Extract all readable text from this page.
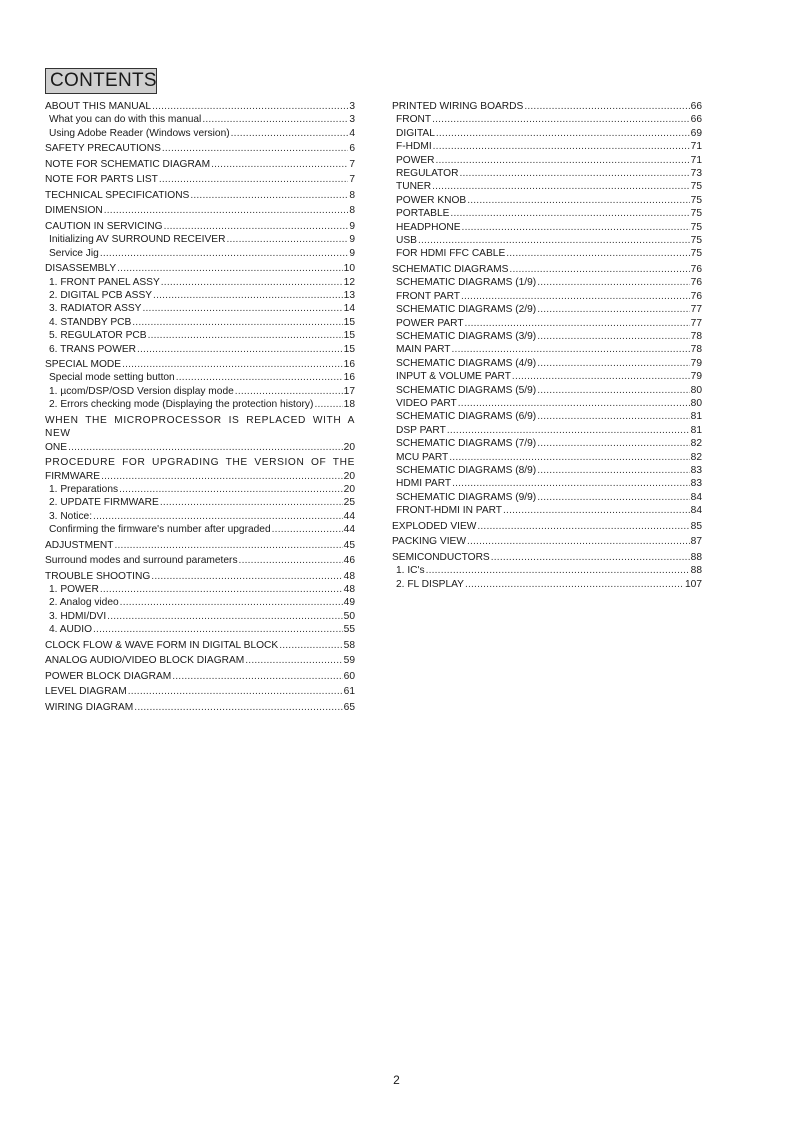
CONTENTS
ABOUT THIS MANUAL .....	3
What you can do with this manual .....	3
Using Adobe Reader (Windows version) .....	4
SAFETY PRECAUTIONS .....	6
NOTE FOR SCHEMATIC DIAGRAM .....	7
NOTE FOR PARTS LIST .....	7
TECHNICAL SPECIFICATIONS .....	8
DIMENSION .....	8
CAUTION IN SERVICING .....	9
Initializing AV SURROUND RECEIVER .....	9
Service Jig .....	9
DISASSEMBLY .....	10
1. FRONT PANEL ASSY .....	12
2. DIGITAL PCB ASSY .....	13
3. RADIATOR ASSY .....	14
4. STANDBY PCB .....	15
5. REGULATOR PCB .....	15
6. TRANS POWER .....	15
SPECIAL MODE .....	16
Special mode setting button .....	16
1. µcom/DSP/OSD Version display mode .....	17
2. Errors checking mode (Displaying the protection history) .....	18
WHEN THE MICROPROCESSOR IS REPLACED WITH A NEW
ONE .....	20
PROCEDURE FOR UPGRADING THE VERSION OF THE
FIRMWARE .....	20
1. Preparations .....	20
2. UPDATE FIRMWARE .....	25
3. Notice: .....	44
Confirming the firmware's number after upgraded .....	44
ADJUSTMENT .....	45
Surround modes and surround parameters .....	46
TROUBLE SHOOTING .....	48
1. POWER .....	48
2. Analog video .....	49
3. HDMI/DVI .....	50
4. AUDIO .....	55
CLOCK FLOW & WAVE FORM IN DIGITAL BLOCK .....	58
ANALOG AUDIO/VIDEO BLOCK DIAGRAM .....	59
POWER BLOCK DIAGRAM .....	60
LEVEL DIAGRAM .....	61
WIRING DIAGRAM .....	65
PRINTED WIRING BOARDS .....	66
FRONT .....	66
DIGITAL .....	69
F-HDMI .....	71
POWER .....	71
REGULATOR .....	73
TUNER .....	75
POWER KNOB .....	75
PORTABLE .....	75
HEADPHONE .....	75
USB .....	75
FOR HDMI FFC CABLE .....	75
SCHEMATIC DIAGRAMS .....	76
SCHEMATIC DIAGRAMS (1/9) .....	76
FRONT PART .....	76
SCHEMATIC DIAGRAMS (2/9) .....	77
POWER PART .....	77
SCHEMATIC DIAGRAMS (3/9) .....	78
MAIN PART .....	78
SCHEMATIC DIAGRAMS (4/9) .....	79
INPUT & VOLUME PART .....	79
SCHEMATIC DIAGRAMS (5/9) .....	80
VIDEO PART .....	80
SCHEMATIC DIAGRAMS (6/9) .....	81
DSP PART .....	81
SCHEMATIC DIAGRAMS (7/9) .....	82
MCU PART .....	82
SCHEMATIC DIAGRAMS (8/9) .....	83
HDMI PART .....	83
SCHEMATIC DIAGRAMS (9/9) .....	84
FRONT-HDMI IN PART .....	84
EXPLODED VIEW .....	85
PACKING VIEW .....	87
SEMICONDUCTORS .....	88
1. IC's .....	88
2. FL DISPLAY .....	107
2
